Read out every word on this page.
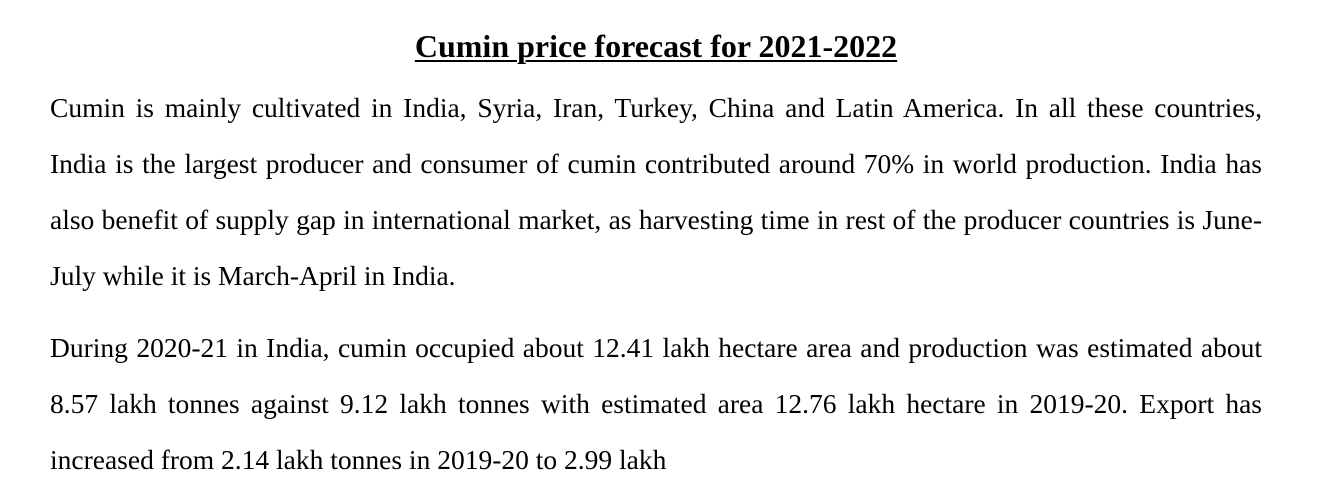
Cumin price forecast for 2021-2022

Cumin is mainly cultivated in India, Syria, Iran, Turkey, China and Latin America. In all these countries, India is the largest producer and consumer of cumin contributed around 70% in world production. India has also benefit of supply gap in international market, as harvesting time in rest of the producer countries is June- July while it is March-April in India.

During 2020-21 in India, cumin occupied about 12.41 lakh hectare area and production was estimated about 8.57 lakh tonnes against 9.12 lakh tonnes with estimated area 12.76 lakh hectare in 2019-20. Export has increased from 2.14 lakh tonnes in 2019-20 to 2.99 lakh
